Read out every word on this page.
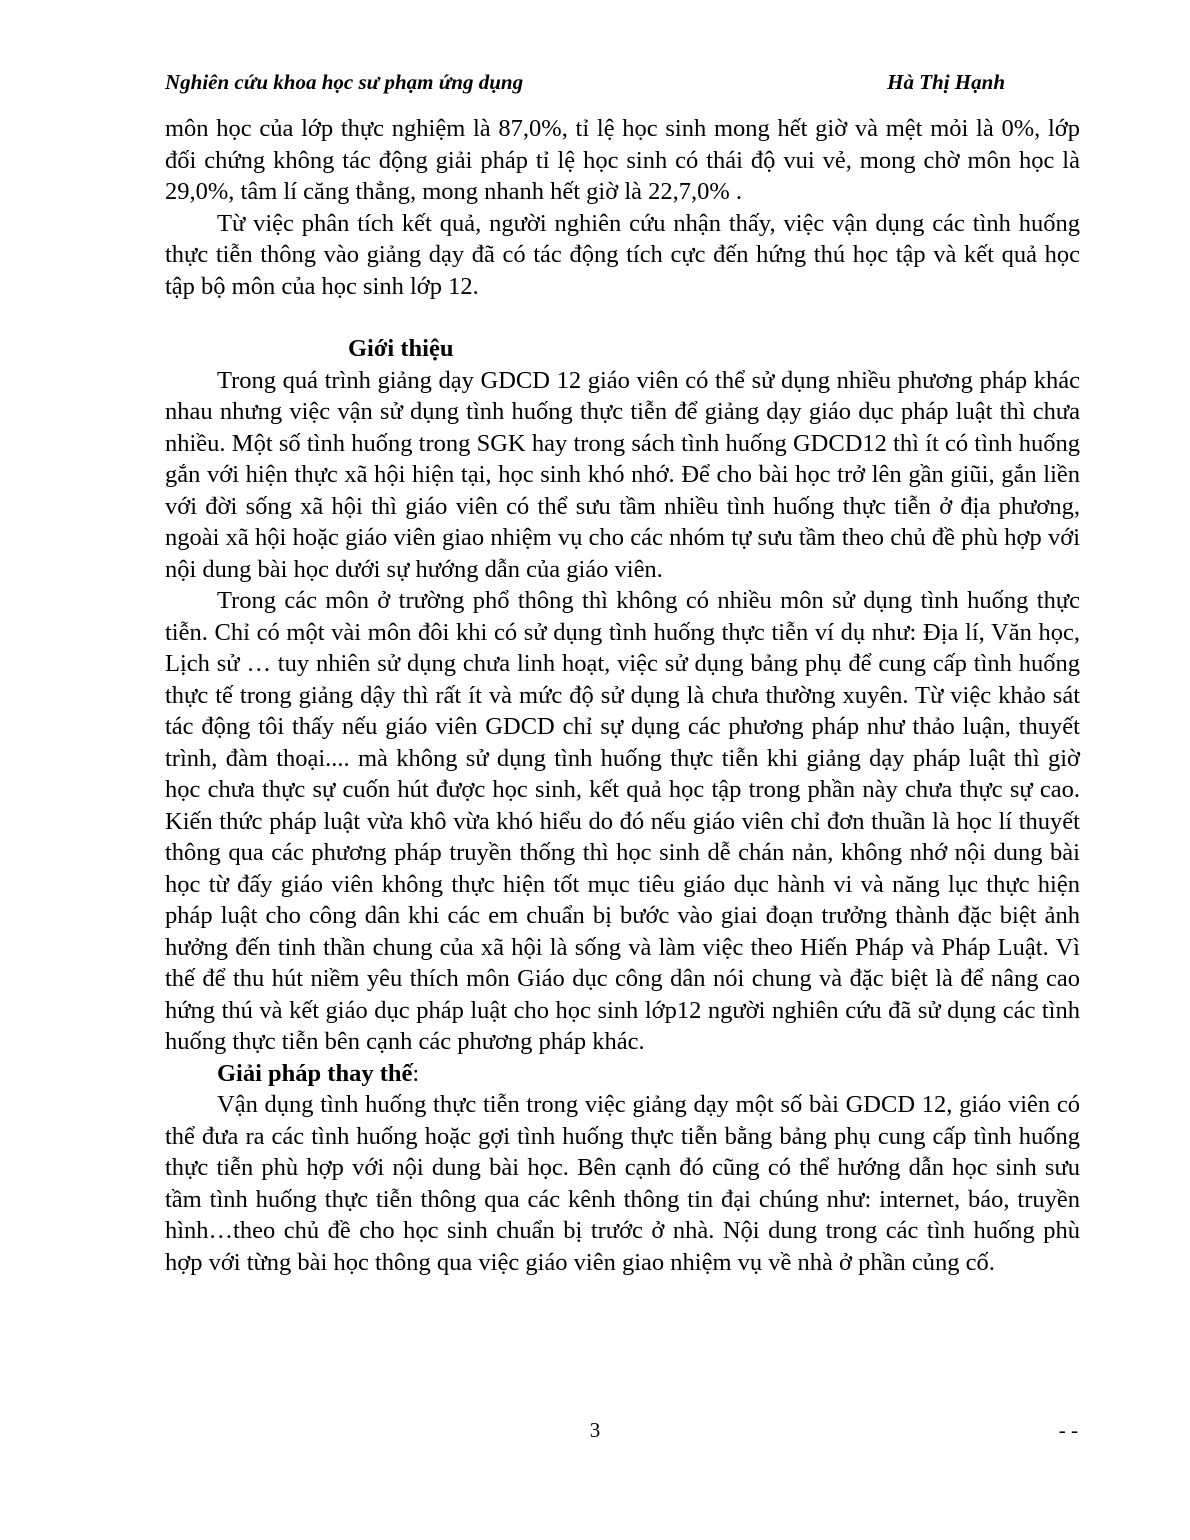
Nghiên cứu khoa học sư phạm ứng dụng	Hà Thị Hạnh

môn học của lớp thực nghiệm là 87,0%, tỉ lệ học sinh mong hết giờ và mệt mỏi là 0%, lớp đối chứng không tác động giải pháp tỉ lệ học sinh có thái độ vui vẻ, mong chờ môn học là 29,0%, tâm lí căng thẳng, mong nhanh hết giờ là 22,7,0% .

Từ việc phân tích kết quả, người nghiên cứu nhận thấy, việc vận dụng các tình huống thực tiễn thông vào giảng dạy đã có tác động tích cực đến hứng thú học tập và kết quả học tập bộ môn của học sinh lớp 12.

Giới thiệu

Trong quá trình giảng dạy GDCD 12 giáo viên có thể sử dụng nhiều phương pháp khác nhau nhưng việc vận sử dụng tình huống thực tiễn để giảng dạy giáo dục pháp luật thì chưa nhiều. Một số tình huống trong SGK hay trong sách tình huống GDCD12 thì ít có tình huống gắn với hiện thực xã hội hiện tại, học sinh khó nhớ. Để cho bài học trở lên gần giũi, gắn liền với đời sống xã hội thì giáo viên có thể sưu tầm nhiều tình huống thực tiễn ở địa phương, ngoài xã hội hoặc giáo viên giao nhiệm vụ cho các nhóm tự sưu tầm theo chủ đề phù hợp với nội dung bài học dưới sự hướng dẫn của giáo viên.

Trong các môn ở trường phổ thông thì không có nhiều môn sử dụng tình huống thực tiễn. Chỉ có một vài môn đôi khi có sử dụng tình huống thực tiễn ví dụ như: Địa lí, Văn học, Lịch sử … tuy nhiên sử dụng chưa linh hoạt, việc sử dụng bảng phụ để cung cấp tình huống thực tế trong giảng dậy thì rất ít và mức độ sử dụng là chưa thường xuyên. Từ việc khảo sát tác động tôi thấy nếu giáo viên GDCD chỉ sự dụng các phương pháp như thảo luận, thuyết trình, đàm thoại.... mà không sử dụng tình huống thực tiễn khi giảng dạy pháp luật thì giờ học chưa thực sự cuốn hút được học sinh, kết quả học tập trong phần này chưa thực sự cao. Kiến thức pháp luật vừa khô vừa khó hiểu do đó nếu giáo viên chỉ đơn thuần là học lí thuyết thông qua các phương pháp truyền thống thì học sinh dễ chán nản, không nhớ nội dung bài học từ đấy giáo viên không thực hiện tốt mục tiêu giáo dục hành vi và năng lục thực hiện pháp luật cho công dân khi các em chuẩn bị bước vào giai đoạn trưởng thành đặc biệt ảnh hưởng đến tinh thần chung của xã hội là sống và làm việc theo Hiến Pháp và Pháp Luật. Vì thế để thu hút niềm yêu thích môn Giáo dục công dân nói chung và đặc biệt là để nâng cao hứng thú và kết giáo dục pháp luật cho học sinh lớp12 người nghiên cứu đã sử dụng các tình huống thực tiễn bên cạnh các phương pháp khác.

Giải pháp thay thế:

Vận dụng tình huống thực tiễn trong việc giảng dạy một số bài GDCD 12, giáo viên có thể đưa ra các tình huống hoặc gợi tình huống thực tiễn bằng bảng phụ cung cấp tình huống thực tiễn phù hợp với nội dung bài học. Bên cạnh đó cũng có thể hướng dẫn học sinh sưu tầm tình huống thực tiễn thông qua các kênh thông tin đại chúng như: internet, báo, truyền hình…theo chủ đề cho học sinh chuẩn bị trước ở nhà. Nội dung trong các tình huống phù hợp với từng bài học thông qua việc giáo viên giao nhiệm vụ về nhà ở phần củng cố.

3	- -
